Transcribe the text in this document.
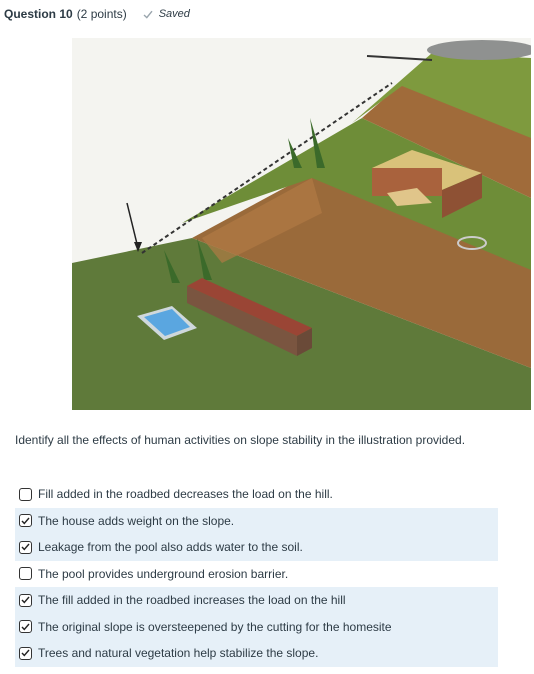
Question 10 (2 points)	Saved
Identify all the effects of human activities on slope stability in the illustration provided.
Fill added in the roadbed decreases the load on the hill.
The house adds weight on the slope.
Leakage from the pool also adds water to the soil.
The pool provides underground erosion barrier.
The fill added in the roadbed increases the load on the hill
The original slope is oversteepened by the cutting for the homesite
Trees and natural vegetation help stabilize the slope.
